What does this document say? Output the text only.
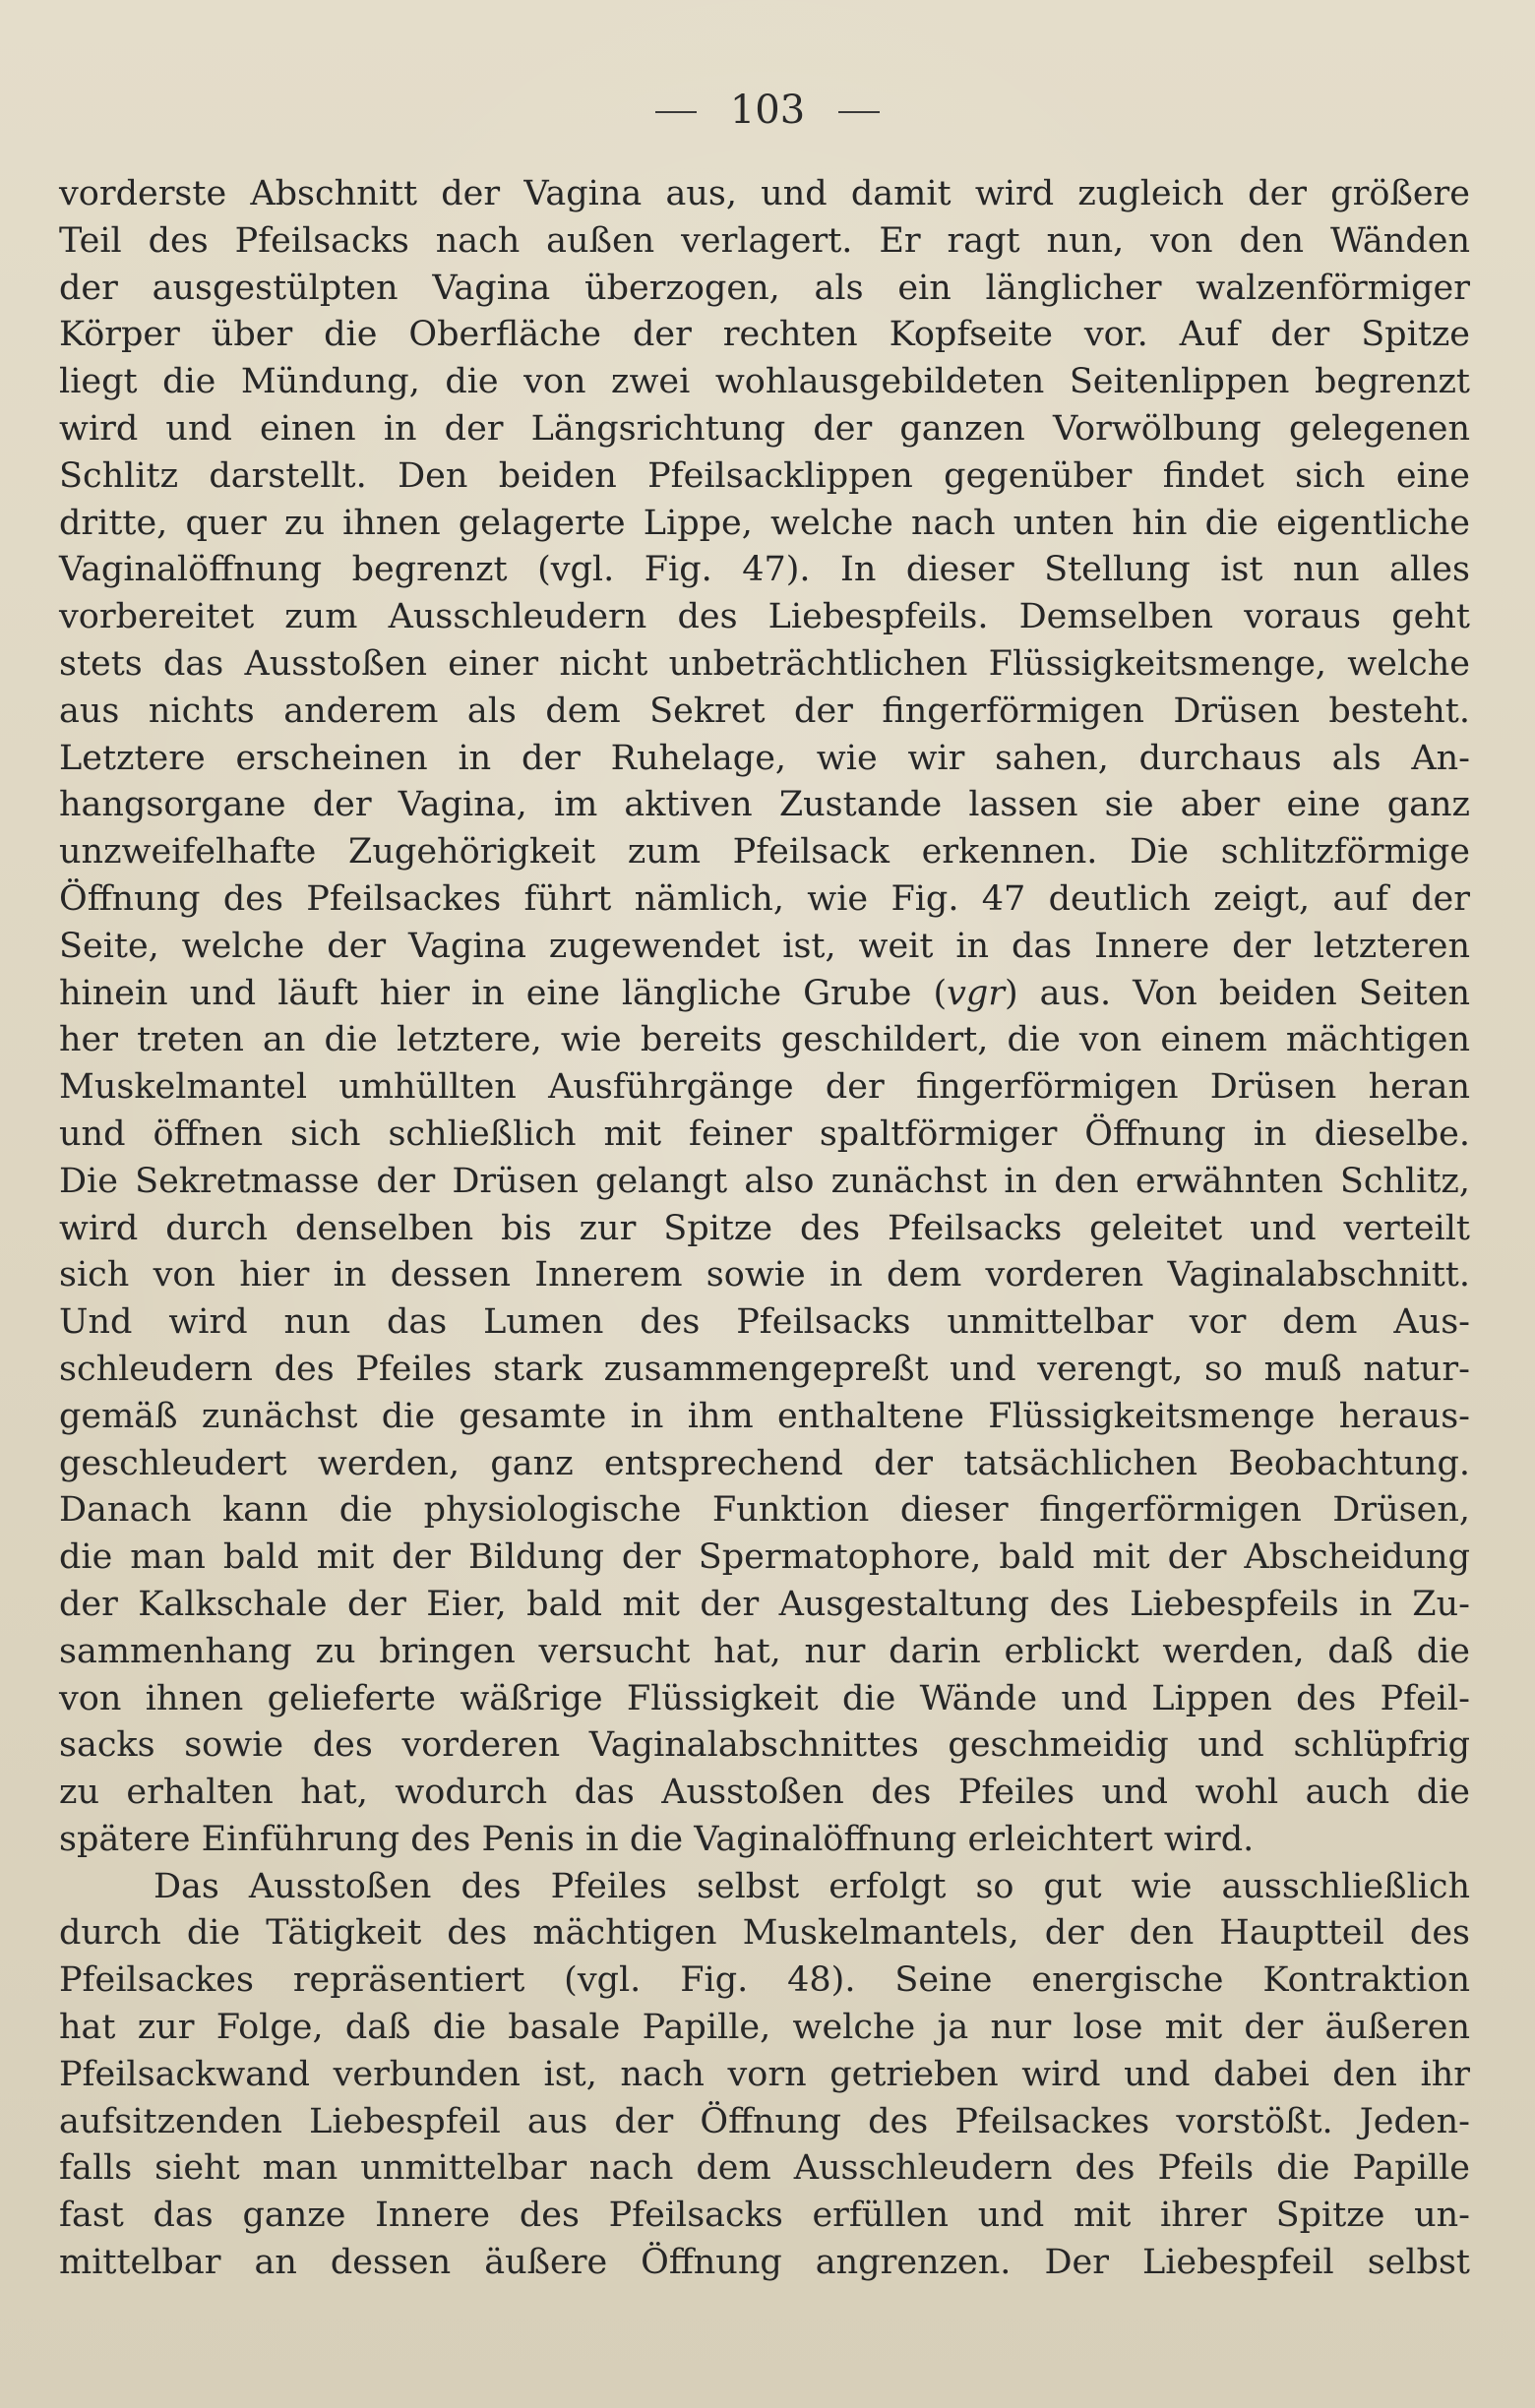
103
vorderste Abschnitt der Vagina aus, und damit wird zugleich der größere
Teil des Pfeilsacks nach außen verlagert. Er ragt nun, von den Wänden
der ausgestülpten Vagina überzogen, als ein länglicher walzenförmiger
Körper über die Oberfläche der rechten Kopfseite vor. Auf der Spitze
liegt die Mündung, die von zwei wohlausgebildeten Seitenlippen begrenzt
wird und einen in der Längsrichtung der ganzen Vorwölbung gelegenen
Schlitz darstellt. Den beiden Pfeilsacklippen gegenüber findet sich eine
dritte, quer zu ihnen gelagerte Lippe, welche nach unten hin die eigentliche
Vaginalöffnung begrenzt (vgl. Fig. 47). In dieser Stellung ist nun alles
vorbereitet zum Ausschleudern des Liebespfeils. Demselben voraus geht
stets das Ausstoßen einer nicht unbeträchtlichen Flüssigkeitsmenge, welche
aus nichts anderem als dem Sekret der fingerförmigen Drüsen besteht.
Letztere erscheinen in der Ruhelage, wie wir sahen, durchaus als An-
hangsorgane der Vagina, im aktiven Zustande lassen sie aber eine ganz
unzweifelhafte Zugehörigkeit zum Pfeilsack erkennen. Die schlitzförmige
Öffnung des Pfeilsackes führt nämlich, wie Fig. 47 deutlich zeigt, auf der
Seite, welche der Vagina zugewendet ist, weit in das Innere der letzteren
hinein und läuft hier in eine längliche Grube (vgr) aus. Von beiden Seiten
her treten an die letztere, wie bereits geschildert, die von einem mächtigen
Muskelmantel umhüllten Ausführgänge der fingerförmigen Drüsen heran
und öffnen sich schließlich mit feiner spaltförmiger Öffnung in dieselbe.
Die Sekretmasse der Drüsen gelangt also zunächst in den erwähnten Schlitz,
wird durch denselben bis zur Spitze des Pfeilsacks geleitet und verteilt
sich von hier in dessen Innerem sowie in dem vorderen Vaginalabschnitt.
Und wird nun das Lumen des Pfeilsacks unmittelbar vor dem Aus-
schleudern des Pfeiles stark zusammengepreßt und verengt, so muß natur-
gemäß zunächst die gesamte in ihm enthaltene Flüssigkeitsmenge heraus-
geschleudert werden, ganz entsprechend der tatsächlichen Beobachtung.
Danach kann die physiologische Funktion dieser fingerförmigen Drüsen,
die man bald mit der Bildung der Spermatophore, bald mit der Abscheidung
der Kalkschale der Eier, bald mit der Ausgestaltung des Liebespfeils in Zu-
sammenhang zu bringen versucht hat, nur darin erblickt werden, daß die
von ihnen gelieferte wäßrige Flüssigkeit die Wände und Lippen des Pfeil-
sacks sowie des vorderen Vaginalabschnittes geschmeidig und schlüpfrig
zu erhalten hat, wodurch das Ausstoßen des Pfeiles und wohl auch die
spätere Einführung des Penis in die Vaginalöffnung erleichtert wird.
Das Ausstoßen des Pfeiles selbst erfolgt so gut wie ausschließlich
durch die Tätigkeit des mächtigen Muskelmantels, der den Hauptteil des
Pfeilsackes repräsentiert (vgl. Fig. 48). Seine energische Kontraktion
hat zur Folge, daß die basale Papille, welche ja nur lose mit der äußeren
Pfeilsackwand verbunden ist, nach vorn getrieben wird und dabei den ihr
aufsitzenden Liebespfeil aus der Öffnung des Pfeilsackes vorstößt. Jeden-
falls sieht man unmittelbar nach dem Ausschleudern des Pfeils die Papille
fast das ganze Innere des Pfeilsacks erfüllen und mit ihrer Spitze un-
mittelbar an dessen äußere Öffnung angrenzen. Der Liebespfeil selbst
